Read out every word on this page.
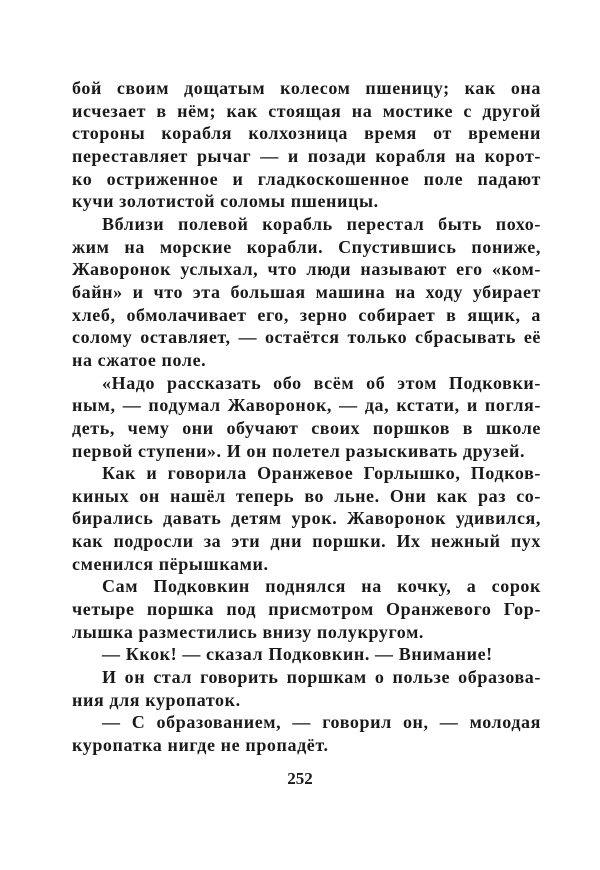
бой своим дощатым колесом пшеницу; как она
исчезает в нём; как стоящая на мостике с другой
стороны корабля колхозница время от времени
переставляет рычаг — и позади корабля на корот-
ко остриженное и гладкоскошенное поле падают
кучи золотистой соломы пшеницы.
Вблизи полевой корабль перестал быть похо-
жим на морские корабли. Спустившись пониже,
Жаворонок услыхал, что люди называют его «ком-
байн» и что эта большая машина на ходу убирает
хлеб, обмолачивает его, зерно собирает в ящик, а
солому оставляет, — остаётся только сбрасывать её
на сжатое поле.
«Надо рассказать обо всём об этом Подковки-
ным, — подумал Жаворонок, — да, кстати, и погля-
деть, чему они обучают своих поршков в школе
первой ступени». И он полетел разыскивать друзей.
Как и говорила Оранжевое Горлышко, Подков-
киных он нашёл теперь во льне. Они как раз со-
бирались давать детям урок. Жаворонок удивился,
как подросли за эти дни поршки. Их нежный пух
сменился пёрышками.
Сам Подковкин поднялся на кочку, а сорок
четыре поршка под присмотром Оранжевого Гор-
лышка разместились внизу полукругом.
— Ккок! — сказал Подковкин. — Внимание!
И он стал говорить поршкам о пользе образова-
ния для куропаток.
— С образованием, — говорил он, — молодая
куропатка нигде не пропадёт.
252
